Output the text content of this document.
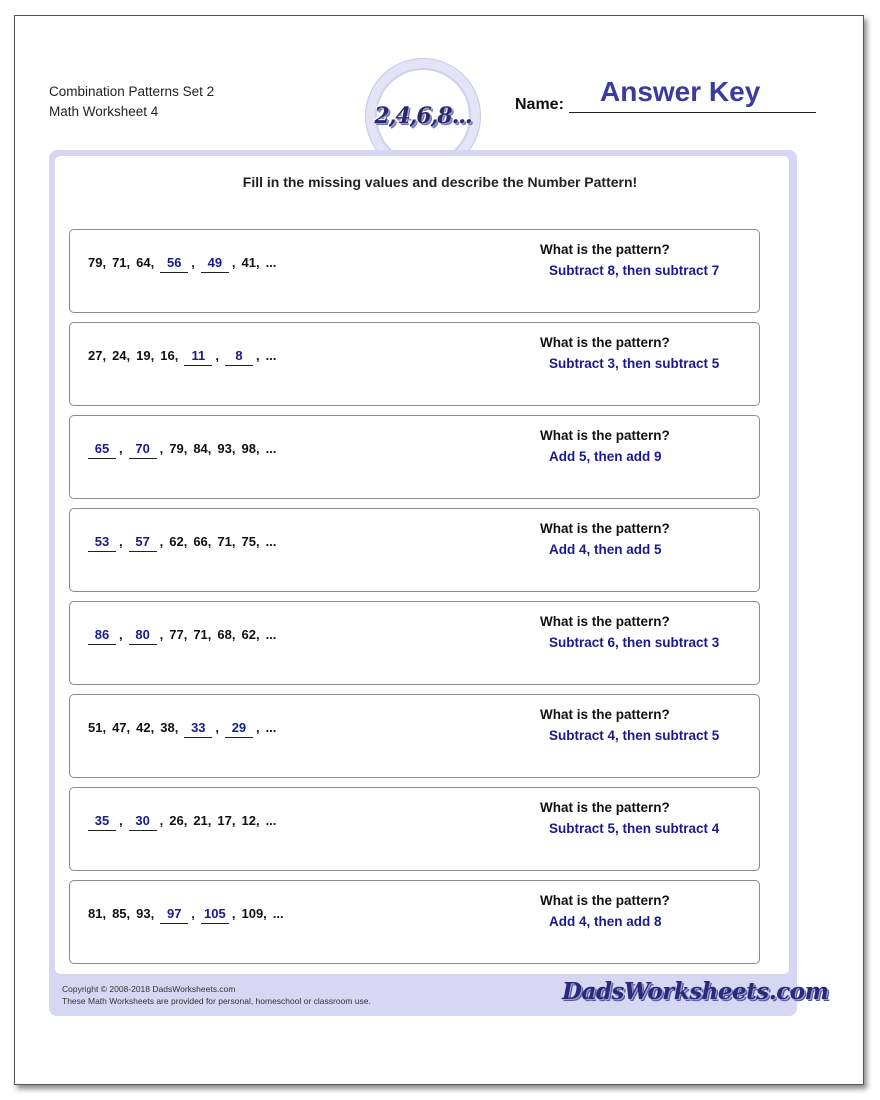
Combination Patterns Set 2
Math Worksheet 4	2,4,6,8...	Name: Answer Key
Fill in the missing values and describe the Number Pattern!
79, 71, 64, 56 , 49 , 41, ...
What is the pattern?
Subtract 8, then subtract 7
27, 24, 19, 16, 11 , 8 , ...
What is the pattern?
Subtract 3, then subtract 5
65 , 70 , 79, 84, 93, 98, ...
What is the pattern?
Add 5, then add 9
53 , 57 , 62, 66, 71, 75, ...
What is the pattern?
Add 4, then add 5
86 , 80 , 77, 71, 68, 62, ...
What is the pattern?
Subtract 6, then subtract 3
51, 47, 42, 38, 33 , 29 , ...
What is the pattern?
Subtract 4, then subtract 5
35 , 30 , 26, 21, 17, 12, ...
What is the pattern?
Subtract 5, then subtract 4
81, 85, 93, 97 , 105 , 109, ...
What is the pattern?
Add 4, then add 8
Copyright © 2008-2018 DadsWorksheets.com
These Math Worksheets are provided for personal, homeschool or classroom use.	DadsWorksheets.com
